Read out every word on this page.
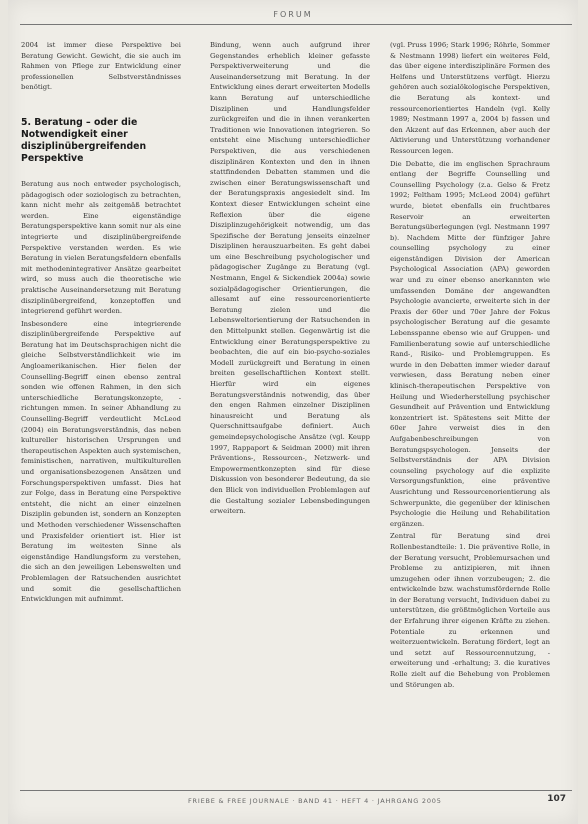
FORUM

2004 ist immer diese Perspektive bei Beratung Gewicht. Gewicht, die sie auch im Rahmen von Pflege zur Entwicklung einer professionellen Selbstverständnisses benötigt.

5. Beratung – oder die Notwendigkeit einer disziplinübergreifenden Perspektive

Beratung aus noch entweder psychologisch, pädagogisch oder soziologisch zu betrachten, kann nicht mehr als zeitgemäß betrachtet werden. Eine eigenständige Beratungsperspektive kann somit nur als eine integrierte und disziplinübergreifende Perspektive verstanden werden. Es wie Beratung in vielen Beratungsfeldern ebenfalls mit methodenintegrativer Ansätze gearbeitet wird, so muss auch die theoretische wie praktische Auseinandersetzung mit Beratung disziplinübergreifend, konzeptoffen und integrierend geführt werden.

Insbesondere eine integrierende disziplinübergreifende Perspektive auf Beratung hat im Deutschsprachigen nicht die gleiche Selbstverständlichkeit wie im Angloamerikanischen. Hier fielen der Counselling-Begriff einen ebenso zentral sonden wie offenen Rahmen, in den sich unterschiedliche Beratungskonzepte, -richtungen mmen. In seiner Abhandlung zu Counselling-Begriff verdeutlicht McLeod (2004) ein Beratungsverständnis, das neben kultureller historischen Ursprungen und therapeutischen Aspekten auch systemischen, feministischen, narrativen, multikulturellen und organisationsbezogenen Ansätzen und Forschungsperspektiven umfasst. Dies hat zur Folge, dass in Beratung eine Perspektive entsteht, die nicht an einer einzelnen Disziplin gebunden ist, sondern an Konzepten und Methoden verschiedener Wissenschaften und Praxisfelder orientiert ist. Hier ist Beratung im weitesten Sinne als eigenständige Handlungsform zu verstehen, die sich an den jeweiligen Lebenswelten und Problemlagen der Ratsuchenden ausrichtet und somit die gesellschaftlichen Entwicklungen mit aufnimmt.

Bindung, wenn auch aufgrund ihrer Gegenstandes erheblich kleiner gefasste Perspektiverweiterung und die Auseinandersetzung mit Beratung. In der Entwicklung eines derart erweiterten Modells kann Beratung auf unterschiedliche Disziplinen und Handlungsfelder zurückgreifen und die in ihnen verankerten Traditionen wie Innovationen integrieren. So entsteht eine Mischung unterschiedlicher Perspektiven, die aus verschiedenen disziplinären Kontexten und den in ihnen stattfindenden Debatten stammen und die zwischen einer Beratungswissenschaft und der Beratungspraxis angesiedelt sind. Im Kontext dieser Entwicklungen scheint eine Reflexion über die eigene Disziplinzugehörigkeit notwendig, um das Spezifische der Beratung jenseits einzelner Disziplinen herauszuarbeiten. Es geht dabei um eine Beschreibung psychologischer und pädagogischer Zugänge zu Beratung (vgl. Nestmann, Engel & Sickendiek 2004a) sowie sozialpädagogischer Orientierungen, die allesamt auf eine ressourcenorientierte Beratung zielen und die Lebensweltorientierung der Ratsuchenden in den Mittelpunkt stellen. Gegenwärtig ist die Entwicklung einer Beratungsperspektive zu beobachten, die auf ein bio-psycho-soziales Modell zurückgreift und Beratung in einen breiten gesellschaftlichen Kontext stellt. Hierfür wird ein eigenes Beratungsverständnis notwendig, das über den engen Rahmen einzelner Disziplinen hinausreicht und Beratung als Querschnittsaufgabe definiert. Auch gemeindepsychologische Ansätze (vgl. Keupp 1997, Rappaport & Seidman 2000) mit ihren Präventions-, Ressourcen-, Netzwerk- und Empowermentkonzepten sind für diese Diskussion von besonderer Bedeutung, da sie den Blick von individuellen Problemlagen auf die Gestaltung sozialer Lebensbedingungen erweitern.

(vgl. Pruss 1996; Stark 1996; Röhrle, Sommer & Nestmann 1998) liefert ein weiteres Feld, das über eigene interdisziplinäre Formen des Helfens und Unterstützens verfügt. Hierzu gehören auch sozialökologische Perspektiven, die Beratung als kontext- und ressourcenorientiertes Handeln (vgl. Kelly 1989; Nestmann 1997 a, 2004 b) fassen und den Akzent auf das Erkennen, aber auch der Aktivierung und Unterstützung vorhandener Ressourcen legen.

Die Debatte, die im englischen Sprachraum entlang der Begriffe Counselling und Counselling Psychology (z.a. Gelso & Fretz 1992; Feltham 1995; McLeod 2004) geführt wurde, bietet ebenfalls ein fruchtbares Reservoir an erweiterten Beratungsüberlegungen (vgl. Nestmann 1997 b). Nachdem Mitte der fünfziger Jahre counselling psychology zu einer eigenständigen Division der American Psychological Association (APA) geworden war und zu einer ebenso anerkannten wie umfassenden Domäne der angewandten Psychologie avancierte, erweiterte sich in der Praxis der 60er und 70er Jahre der Fokus psychologischer Beratung auf die gesamte Lebensspanne ebenso wie auf Gruppen- und Familienberatung sowie auf unterschiedliche Rand-, Risiko- und Problemgruppen. Es wurde in den Debatten immer wieder darauf verwiesen, dass Beratung neben einer klinisch-therapeutischen Perspektive von Heilung und Wiederherstellung psychischer Gesundheit auf Prävention und Entwicklung konzentriert ist. Spätestens seit Mitte der 60er Jahre verweist dies in den Aufgabenbeschreibungen von Beratungspsychologen. Jenseits der Selbstverständnis der APA Division counseling psychology auf die explizite Versorgungsfunktion, eine präventive Ausrichtung und Ressourcenorientierung als Schwerpunkte, die gegenüber der klinischen Psychologie die Heilung und Rehabilitation ergänzen.

Zentral für Beratung sind drei Rollenbestandteile: 1. Die präventive Rolle, in der Beratung versucht, Problemursachen und Probleme zu antizipieren, mit ihnen umzugehen oder ihnen vorzubeugen; 2. die entwickelnde bzw. wachstumsfördernde Rolle in der Beratung versucht, Individuen dabei zu unterstützen, die größtmöglichen Vorteile aus der Erfahrung ihrer eigenen Kräfte zu ziehen. Potentiale zu erkennen und weiterzuentwickeln. Beratung fördert, legt an und setzt auf Ressourcennutzung, -erweiterung und -erhaltung; 3. die kuratives Rolle zielt auf die Behebung von Problemen und Störungen ab.

FRIEBE & FREE JOURNALE · BAND 41 · HEFT 4 · JAHRGANG 2005	107
